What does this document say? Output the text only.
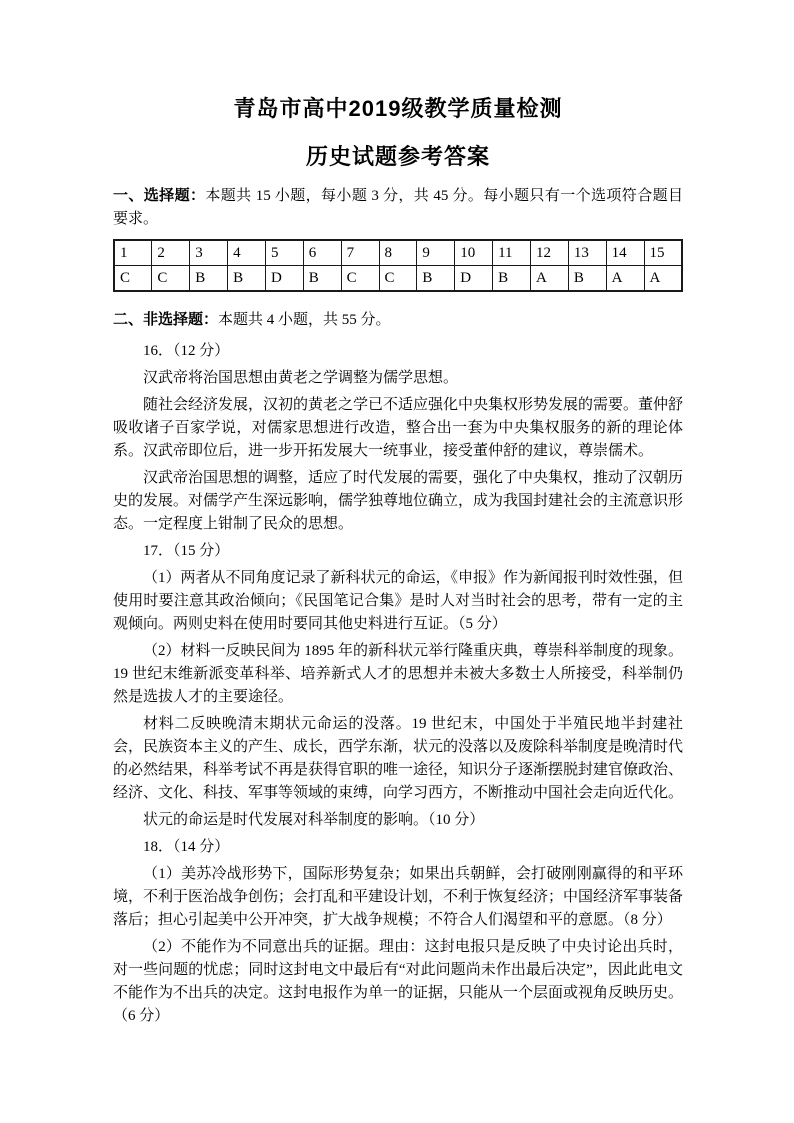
青岛市高中2019级教学质量检测
历史试题参考答案

一、选择题：本题共 15 小题，每小题 3 分，共 45 分。每小题只有一个选项符合题目要求。

1	2	3	4	5	6	7	8	9	10	11	12	13	14	15
C	C	B	B	D	B	C	C	B	D	B	A	B	A	A

二、非选择题：本题共 4 小题，共 55 分。

16．（12 分）

汉武帝将治国思想由黄老之学调整为儒学思想。

随社会经济发展，汉初的黄老之学已不适应强化中央集权形势发展的需要。董仲舒吸收诸子百家学说，对儒家思想进行改造，整合出一套为中央集权服务的新的理论体系。汉武帝即位后，进一步开拓发展大一统事业，接受董仲舒的建议，尊崇儒术。

汉武帝治国思想的调整，适应了时代发展的需要，强化了中央集权，推动了汉朝历史的发展。对儒学产生深远影响，儒学独尊地位确立，成为我国封建社会的主流意识形态。一定程度上钳制了民众的思想。

17．（15 分）

（1）两者从不同角度记录了新科状元的命运，《申报》作为新闻报刊时效性强，但使用时要注意其政治倾向；《民国笔记合集》是时人对当时社会的思考，带有一定的主观倾向。两则史料在使用时要同其他史料进行互证。（5 分）

（2）材料一反映民间为 1895 年的新科状元举行隆重庆典，尊崇科举制度的现象。19 世纪末维新派变革科举、培养新式人才的思想并未被大多数士人所接受，科举制仍然是选拔人才的主要途径。

材料二反映晚清末期状元命运的没落。19 世纪末，中国处于半殖民地半封建社会，民族资本主义的产生、成长，西学东渐，状元的没落以及废除科举制度是晚清时代的必然结果，科举考试不再是获得官职的唯一途径，知识分子逐渐摆脱封建官僚政治、经济、文化、科技、军事等领域的束缚，向学习西方，不断推动中国社会走向近代化。

状元的命运是时代发展对科举制度的影响。（10 分）

18．（14 分）

（1）美苏冷战形势下，国际形势复杂；如果出兵朝鲜，会打破刚刚赢得的和平环境，不利于医治战争创伤；会打乱和平建设计划，不利于恢复经济；中国经济军事装备落后；担心引起美中公开冲突，扩大战争规模；不符合人们渴望和平的意愿。（8 分）

（2）不能作为不同意出兵的证据。理由：这封电报只是反映了中央讨论出兵时，对一些问题的忧虑；同时这封电文中最后有“对此问题尚未作出最后决定”，因此此电文不能作为不出兵的决定。这封电报作为单一的证据，只能从一个层面或视角反映历史。（6 分）
